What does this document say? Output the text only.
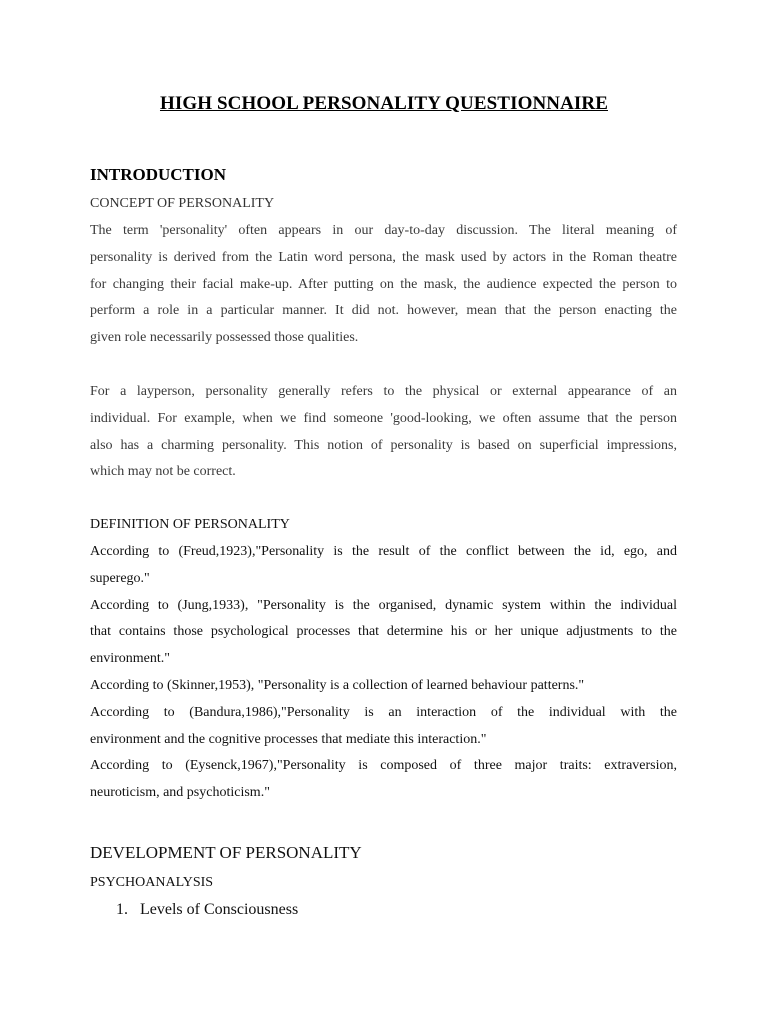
HIGH SCHOOL PERSONALITY QUESTIONNAIRE
INTRODUCTION
CONCEPT OF PERSONALITY
The term 'personality' often appears in our day-to-day discussion. The literal meaning of
personality is derived from the Latin word persona, the mask used by actors in the Roman theatre
for changing their facial make-up. After putting on the mask, the audience expected the person to
perform a role in a particular manner. It did not. however, mean that the person enacting the
given role necessarily possessed those qualities.
For a layperson, personality generally refers to the physical or external appearance of an
individual. For example, when we find someone 'good-looking, we often assume that the person
also has a charming personality. This notion of personality is based on superficial impressions,
which may not be correct.
DEFINITION OF PERSONALITY
According to (Freud,1923),"Personality is the result of the conflict between the id, ego, and
superego."
According to (Jung,1933), "Personality is the organised, dynamic system within the individual
that contains those psychological processes that determine his or her unique adjustments to the
environment."
According to (Skinner,1953), "Personality is a collection of learned behaviour patterns."
According to (Bandura,1986),"Personality is an interaction of the individual with the
environment and the cognitive processes that mediate this interaction."
According to (Eysenck,1967),"Personality is composed of three major traits: extraversion,
neuroticism, and psychoticism."
DEVELOPMENT OF PERSONALITY
PSYCHOANALYSIS
1. Levels of Consciousness
